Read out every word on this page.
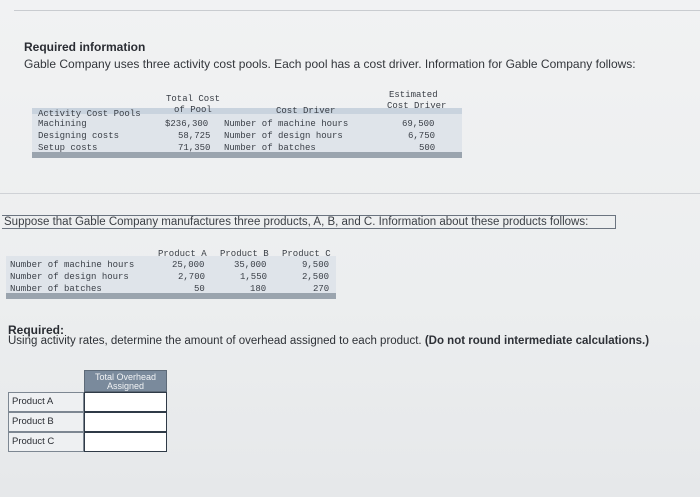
Required information
Gable Company uses three activity cost pools. Each pool has a cost driver. Information for Gable Company follows:
Total Cost
of Pool
Estimated
Cost Driver
Cost Driver
Activity Cost Pools
Machining	$236,300 Number of machine hours	69,500
Designing costs	58,725 Number of design hours	6,750
Setup costs	71,350 Number of batches	500
Suppose that Gable Company manufactures three products, A, B, and C. Information about these products follows:
Product A Product B Product C
Number of machine hours	25,000	35,000	9,500
Number of design hours	2,700	1,550	2,500
Number of batches	50	180	270
Required:
Using activity rates, determine the amount of overhead assigned to each product. (Do not round intermediate calculations.)
Total Overhead
Assigned
Product A
Product B
Product C
